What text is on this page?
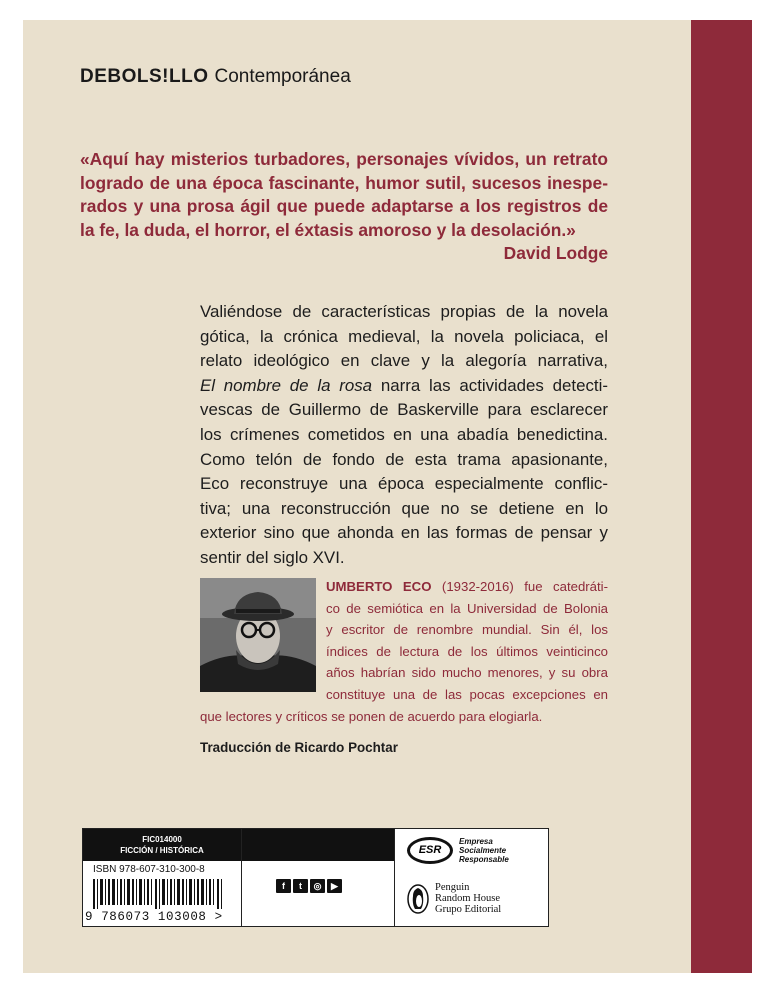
DEBOLS!LLO Contemporánea
«Aquí hay misterios turbadores, personajes vívidos, un retrato
logrado de una época fascinante, humor sutil, sucesos inespe-
rados y una prosa ágil que puede adaptarse a los registros de
la fe, la duda, el horror, el éxtasis amoroso y la desolación.»
David Lodge
Valiéndose de características propias de la novela
gótica, la crónica medieval, la novela policiaca, el
relato ideológico en clave y la alegoría narrativa,
El nombre de la rosa narra las actividades detecti-
vescas de Guillermo de Baskerville para esclarecer
los crímenes cometidos en una abadía benedictina.
Como telón de fondo de esta trama apasionante,
Eco reconstruye una época especialmente conflic-
tiva; una reconstrucción que no se detiene en lo
exterior sino que ahonda en las formas de pensar y
sentir del siglo XVI.
UMBERTO ECO (1932-2016) fue catedráti-
co de semiótica en la Universidad de Bolonia
y escritor de renombre mundial. Sin él, los
índices de lectura de los últimos veinticinco
años habrían sido mucho menores, y su obra
constituye una de las pocas excepciones en
que lectores y críticos se ponen de acuerdo para elogiarla.
Traducción de Ricardo Pochtar
FIC014000
FICCIÓN / HISTÓRICA
ISBN 978-607-310-300-8
9 786073 103008 >
f	t	◎	▶
ESR
Empresa
Socialmente
Responsable
Penguin
Random House
Grupo Editorial
